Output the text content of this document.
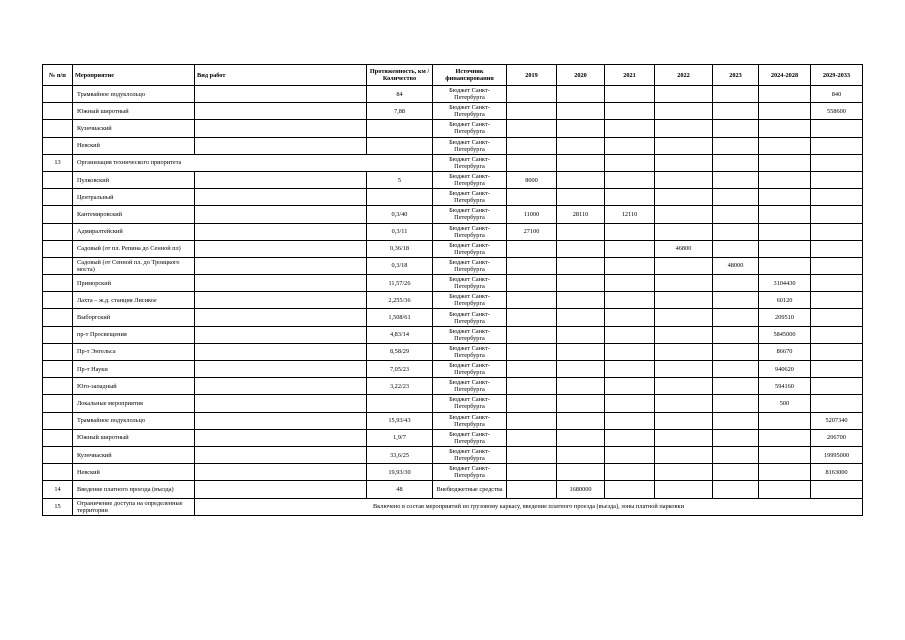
№ п/п	Мероприятие	Вид работ	Протяженность, км / Количество	Источник финансирования	2019	2020	2021	2022	2023	2024-2028	2029-2033
	Трамвайное подуклольцо		84	Бюджет Санкт-Петербурга							840
	Южный широтный		7,88	Бюджет Санкт-Петербурга							558600
	Кузнчиаский			Бюджет Санкт-Петербурга							
	Невский			Бюджет Санкт-Петербурга							
13	Организация технического приоритета			Бюджет Санкт-Петербурга							
	Пулковский		5	Бюджет Санкт-Петербурга	8000						
	Центральный			Бюджет Санкт-Петербурга							
	Кантемировский		0,3/40	Бюджет Санкт-Петербурга	11000	28110	12110				
	Адмиралтейский		0,3/11	Бюджет Санкт-Петербурга	27100						
	Садовый (от пл. Репина до Сенной пл)		0,36/18	Бюджет Санкт-Петербурга				46800			
	Садовый (от Сенной пл. до Троицкого моста)		0,3/18	Бюджет Санкт-Петербурга					48000		
	Приморский		11,57/26	Бюджет Санкт-Петербурга						3104430	
	Лахта – ж.д. станция Лисикое		2,255/36	Бюджет Санкт-Петербурга						60120	
	Выборгский		1,508/61	Бюджет Санкт-Петербурга						209510	
	пр-т Просвещения		4,83/14	Бюджет Санкт-Петербурга						5845000	
	Пр-т Энгельса		8,58/29	Бюджет Санкт-Петербурга						86670	
	Пр-т Науки		7,05/23	Бюджет Санкт-Петербурга						940620	
	Юго-западный		3,22/23	Бюджет Санкт-Петербурга						594160	
	Локальные мероприятия			Бюджет Санкт-Петербурга						500	
	Трамвайное подуклольцо		15,93/43	Бюджет Санкт-Петербурга							5207340
	Южный широтный		1,9/7	Бюджет Санкт-Петербурга							206700
	Кузнчиаский		33,6/25	Бюджет Санкт-Петербурга							19995000
	Невский		19,93/30	Бюджет Санкт-Петербурга							8163000
14	Введение платного проезда (въезда)		48	Внебюджетные средства		1680000					
15	Ограничение доступа на определенные территории	Включено в состав мероприятий по грузовому каркасу, введение платного проезда (въезда), зоны платной парковки									
